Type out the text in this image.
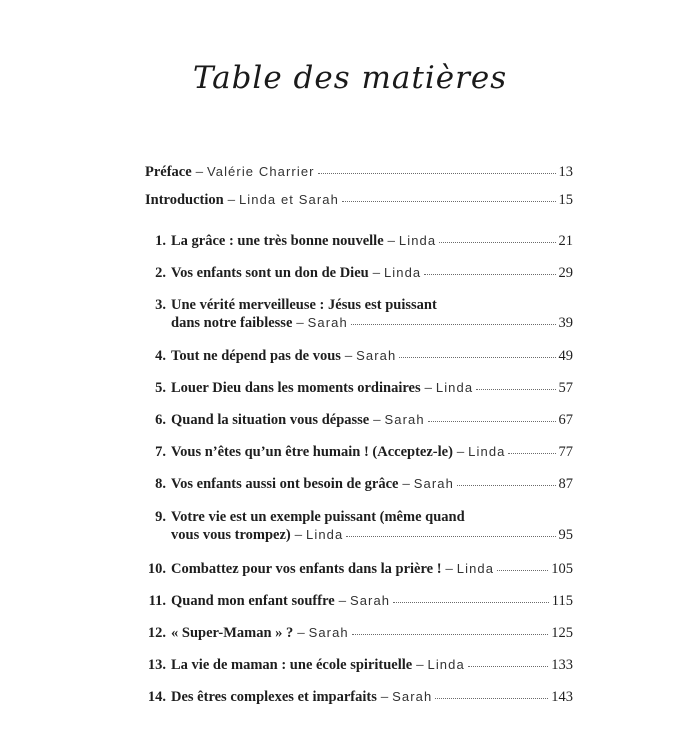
Table des matières
Préface – Valérie Charrier	13
Introduction – Linda et Sarah	15
1. La grâce : une très bonne nouvelle – Linda	21
2. Vos enfants sont un don de Dieu – Linda	29
3. Une vérité merveilleuse : Jésus est puissant
dans notre faiblesse – Sarah	39
4. Tout ne dépend pas de vous – Sarah	49
5. Louer Dieu dans les moments ordinaires – Linda	57
6. Quand la situation vous dépasse – Sarah	67
7. Vous n’êtes qu’un être humain ! (Acceptez-le) – Linda	77
8. Vos enfants aussi ont besoin de grâce – Sarah	87
9. Votre vie est un exemple puissant (même quand
vous vous trompez) – Linda	95
10. Combattez pour vos enfants dans la prière ! – Linda	105
11. Quand mon enfant souffre – Sarah	115
12. « Super-Maman » ? – Sarah	125
13. La vie de maman : une école spirituelle – Linda	133
14. Des êtres complexes et imparfaits – Sarah	143
